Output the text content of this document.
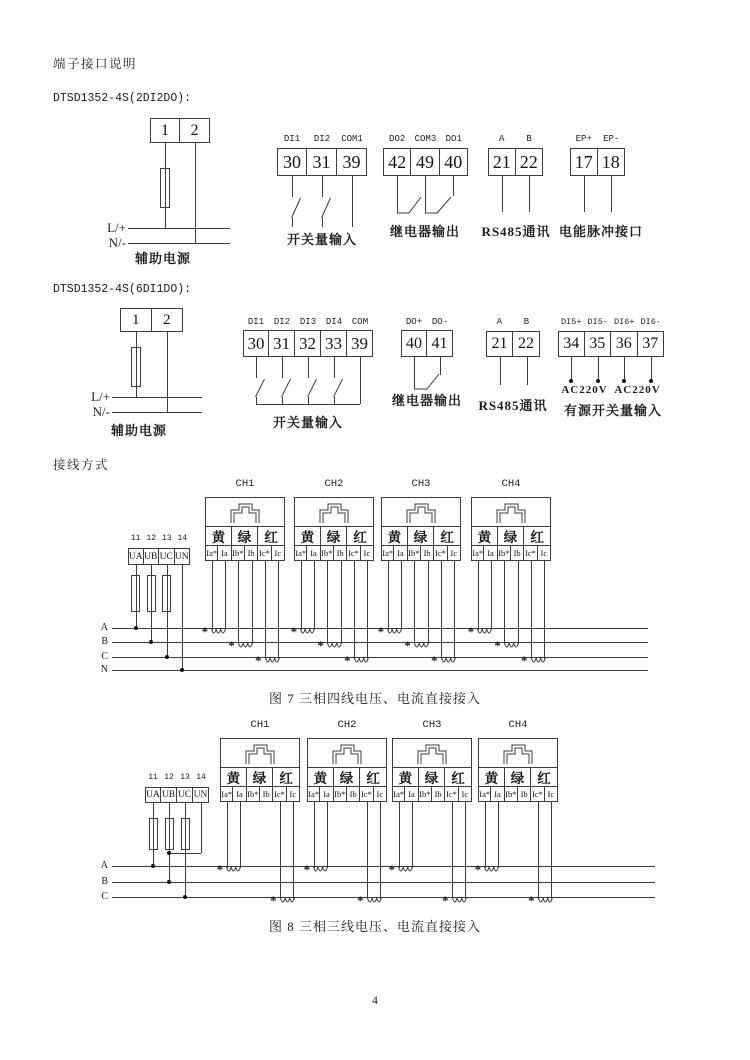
端子接口说明
DTSD1352-4S(2DI2DO):
1	2
L/+
N/-
辅助电源
DI1	DI2	COM1
30 31 39
开关量输入
DO2	COM3	DO1
42 49 40
继电器输出
A	B
21 22
RS485通讯
EP+	EP-
17 18
电能脉冲接口
DTSD1352-4S(6DI1DO):
1	2
L/+
N/-
辅助电源
DI1	DI2	DI3	DI4	COM
30 31 32 33 39
开关量输入
DO+	DO-
40 41
继电器输出
A	B
21 22
RS485通讯
DI5+ DI5- DI6+ DI6-
34 35 36 37
AC220V AC220V
有源开关量输入
接线方式
11 12 13 14
UA UB UC UN
A
B
C
N
图 7 三相四线电压、电流直接接入
CH1
黄 绿 红
Ia* Ia Ib* Ib Ic* Ic
*
*
*
CH2
黄 绿 红
Ia* Ia Ib* Ib Ic* Ic
*
*
*
CH3
黄 绿 红
Ia* Ia Ib* Ib Ic* Ic
*
*
*
CH4
黄 绿 红
Ia* Ia Ib* Ib Ic* Ic
*
*
*
11 12 13 14
UA UB UC UN
A
B
C
图 8 三相三线电压、电流直接接入
CH1
黄 绿 红
Ia* Ia Ib* Ib Ic* Ic
*
*
CH2
黄 绿 红
Ia* Ia Ib* Ib Ic* Ic
*
*
CH3
黄 绿 红
Ia* Ia Ib* Ib Ic* Ic
*
*
CH4
黄 绿 红
Ia* Ia Ib* Ib Ic* Ic
*
*
4
